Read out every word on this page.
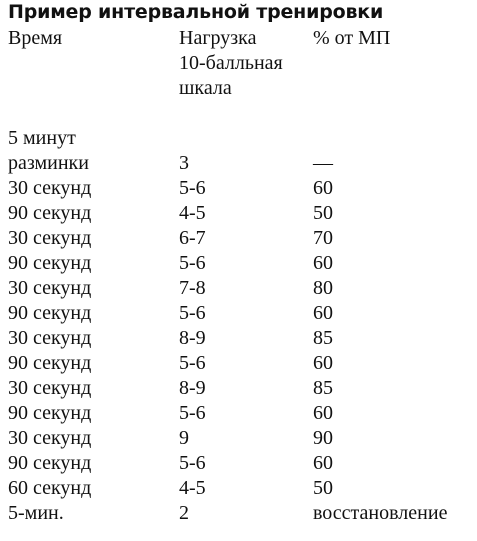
Пример интервальной тренировки
Время	Нагрузка	% от МП
10-балльная
шкала
5 минут
разминки	3	—
30 секунд	5-6	60
90 секунд	4-5	50
30 секунд	6-7	70
90 секунд	5-6	60
30 секунд	7-8	80
90 секунд	5-6	60
30 секунд	8-9	85
90 секунд	5-6	60
30 секунд	8-9	85
90 секунд	5-6	60
30 секунд	9	90
90 секунд	5-6	60
60 секунд	4-5	50
5-мин.	2	восстановление
